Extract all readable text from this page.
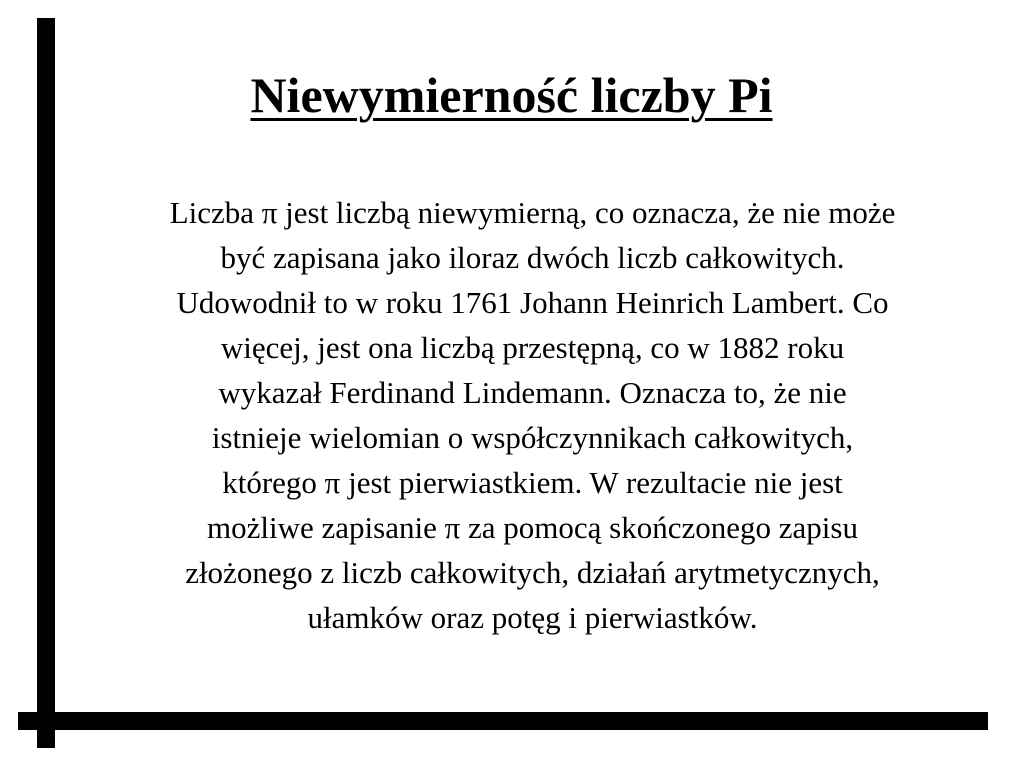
Niewymierność liczby Pi

Liczba π jest liczbą niewymierną, co oznacza, że nie może
być zapisana jako iloraz dwóch liczb całkowitych.
Udowodnił to w roku 1761 Johann Heinrich Lambert. Co
więcej, jest ona liczbą przestępną, co w 1882 roku
wykazał Ferdinand Lindemann. Oznacza to, że nie
istnieje wielomian o współczynnikach całkowitych,
którego π jest pierwiastkiem. W rezultacie nie jest
możliwe zapisanie π za pomocą skończonego zapisu
złożonego z liczb całkowitych, działań arytmetycznych,
ułamków oraz potęg i pierwiastków.
